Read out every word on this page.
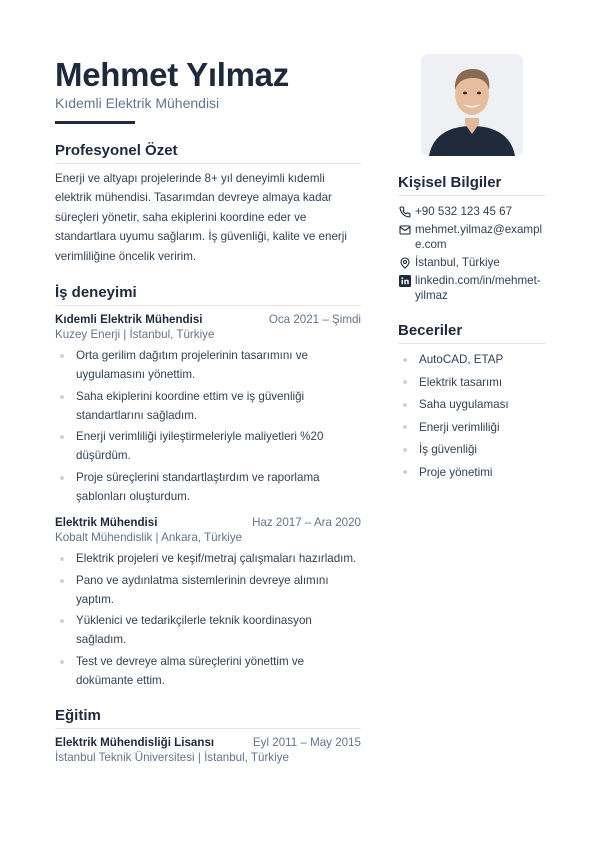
Mehmet Yılmaz
Kıdemli Elektrik Mühendisi
Profesyonel Özet
Enerji ve altyapı projelerinde 8+ yıl deneyimli kıdemli elektrik mühendisi. Tasarımdan devreye almaya kadar süreçleri yönetir, saha ekiplerini koordine eder ve standartlara uyumu sağlarım. İş güvenliği, kalite ve enerji verimliliğine öncelik veririm.
İş deneyimi
Kıdemli Elektrik Mühendisi	Oca 2021 – Şimdi
Kuzey Enerji | İstanbul, Türkiye
Orta gerilim dağıtım projelerinin tasarımını ve uygulamasını yönettim.
Saha ekiplerini koordine ettim ve iş güvenliği standartlarını sağladım.
Enerji verimliliği iyileştirmeleriyle maliyetleri %20 düşürdüm.
Proje süreçlerini standartlaştırdım ve raporlama şablonları oluşturdum.
Elektrik Mühendisi	Haz 2017 – Ara 2020
Kobalt Mühendislik | Ankara, Türkiye
Elektrik projeleri ve keşif/metraj çalışmaları hazırladım.
Pano ve aydınlatma sistemlerinin devreye alımını yaptım.
Yüklenici ve tedarikçilerle teknik koordinasyon sağladım.
Test ve devreye alma süreçlerini yönettim ve dokümante ettim.
Eğitim
Elektrik Mühendisliği Lisansı	Eyl 2011 – May 2015
İstanbul Teknik Üniversitesi | İstanbul, Türkiye
Kişisel Bilgiler
+90 532 123 45 67
mehmet.yilmaz@example.com
İstanbul, Türkiye
linkedin.com/in/mehmet-yilmaz
Beceriler
AutoCAD, ETAP
Elektrik tasarımı
Saha uygulaması
Enerji verimliliği
İş güvenliği
Proje yönetimi
